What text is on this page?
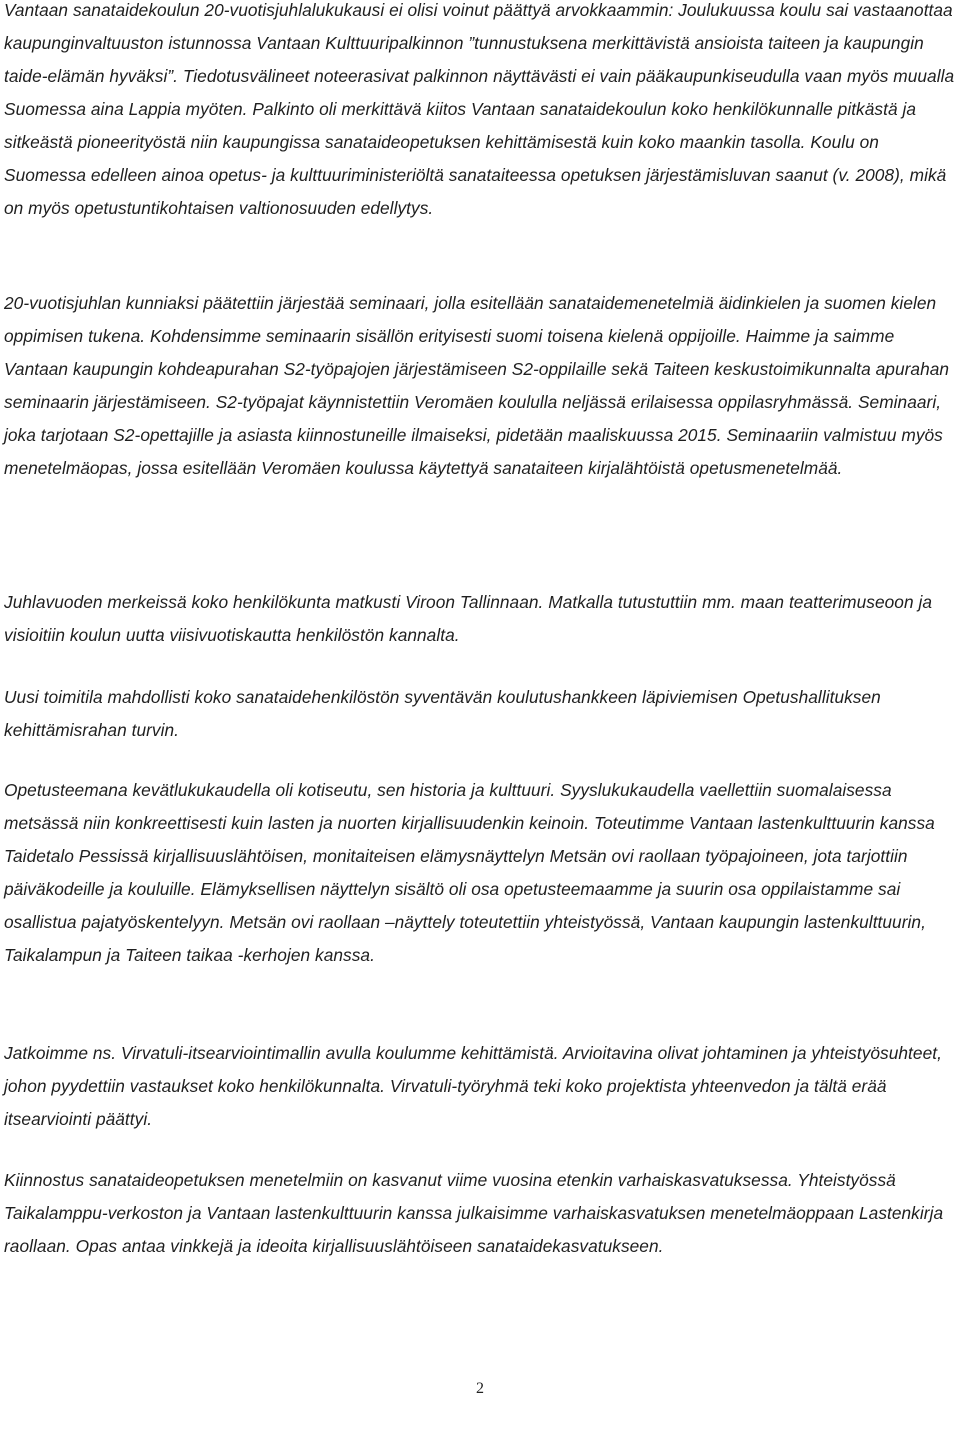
Vantaan sanataidekoulun 20-vuotisjuhlalukukausi ei olisi voinut päättyä arvokkaammin: Joulukuussa koulu sai vastaanottaa kaupunginvaltuuston istunnossa Vantaan Kulttuuripalkinnon ”tunnustuksena merkittävistä ansioista taiteen ja kaupungin taide-elämän hyväksi”. Tiedotusvälineet noteerasivat palkinnon näyttävästi ei vain pääkaupunkiseudulla vaan myös muualla Suomessa aina Lappia myöten. Palkinto oli merkittävä kiitos Vantaan sanataidekoulun koko henkilökunnalle pitkästä ja sitkeästä pioneerityöstä niin kaupungissa sanataideopetuksen kehittämisestä kuin koko maankin tasolla. Koulu on Suomessa edelleen ainoa opetus- ja kulttuuriministeriöltä sanataiteessa opetuksen järjestämisluvan saanut (v. 2008), mikä on myös opetustuntikohtaisen valtionosuuden edellytys.

20-vuotisjuhlan kunniaksi päätettiin järjestää seminaari, jolla esitellään sanataidemenetelmiä äidinkielen ja suomen kielen oppimisen tukena. Kohdensimme seminaarin sisällön erityisesti suomi toisena kielenä oppijoille. Haimme ja saimme Vantaan kaupungin kohdeapurahan S2-työpajojen järjestämiseen S2-oppilaille sekä Taiteen keskustoimikunnalta apurahan seminaarin järjestämiseen. S2-työpajat käynnistettiin Veromäen koululla neljässä erilaisessa oppilasryhmässä. Seminaari, joka tarjotaan S2-opettajille ja asiasta kiinnostuneille ilmaiseksi, pidetään maaliskuussa 2015. Seminaariin valmistuu myös menetelmäopas, jossa esitellään Veromäen koulussa käytettyä sanataiteen kirjalähtöistä opetusmenetelmää.

Juhlavuoden merkeissä koko henkilökunta matkusti Viroon Tallinnaan. Matkalla tutustuttiin mm. maan teatterimuseoon ja visioitiin koulun uutta viisivuotiskautta henkilöstön kannalta.

Uusi toimitila mahdollisti koko sanataidehenkilöstön syventävän koulutushankkeen läpiviemisen Opetushallituksen kehittämisrahan turvin.

Opetusteemana kevätlukukaudella oli kotiseutu, sen historia ja kulttuuri. Syyslukukaudella vaellettiin suomalaisessa metsässä niin konkreettisesti kuin lasten ja nuorten kirjallisuudenkin keinoin. Toteutimme Vantaan lastenkulttuurin kanssa Taidetalo Pessissä kirjallisuuslähtöisen, monitaiteisen elämysnäyttelyn Metsän ovi raollaan työpajoineen, jota tarjottiin päiväkodeille ja kouluille. Elämyksellisen näyttelyn sisältö oli osa opetusteemaamme ja suurin osa oppilaistamme sai osallistua pajatyöskentelyyn. Metsän ovi raollaan –näyttely toteutettiin yhteistyössä, Vantaan kaupungin lastenkulttuurin, Taikalampun ja Taiteen taikaa -kerhojen kanssa.

Jatkoimme ns. Virvatuli-itsearviointimallin avulla koulumme kehittämistä. Arvioitavina olivat johtaminen ja yhteistyösuhteet, johon pyydettiin vastaukset koko henkilökunnalta. Virvatuli-työryhmä teki koko projektista yhteenvedon ja tältä erää itsearviointi päättyi.

Kiinnostus sanataideopetuksen menetelmiin on kasvanut viime vuosina etenkin varhaiskasvatuksessa. Yhteistyössä Taikalamppu-verkoston ja Vantaan lastenkulttuurin kanssa julkaisimme varhaiskasvatuksen menetelmäoppaan Lastenkirja raollaan. Opas antaa vinkkejä ja ideoita kirjallisuuslähtöiseen sanataidekasvatukseen.

2
